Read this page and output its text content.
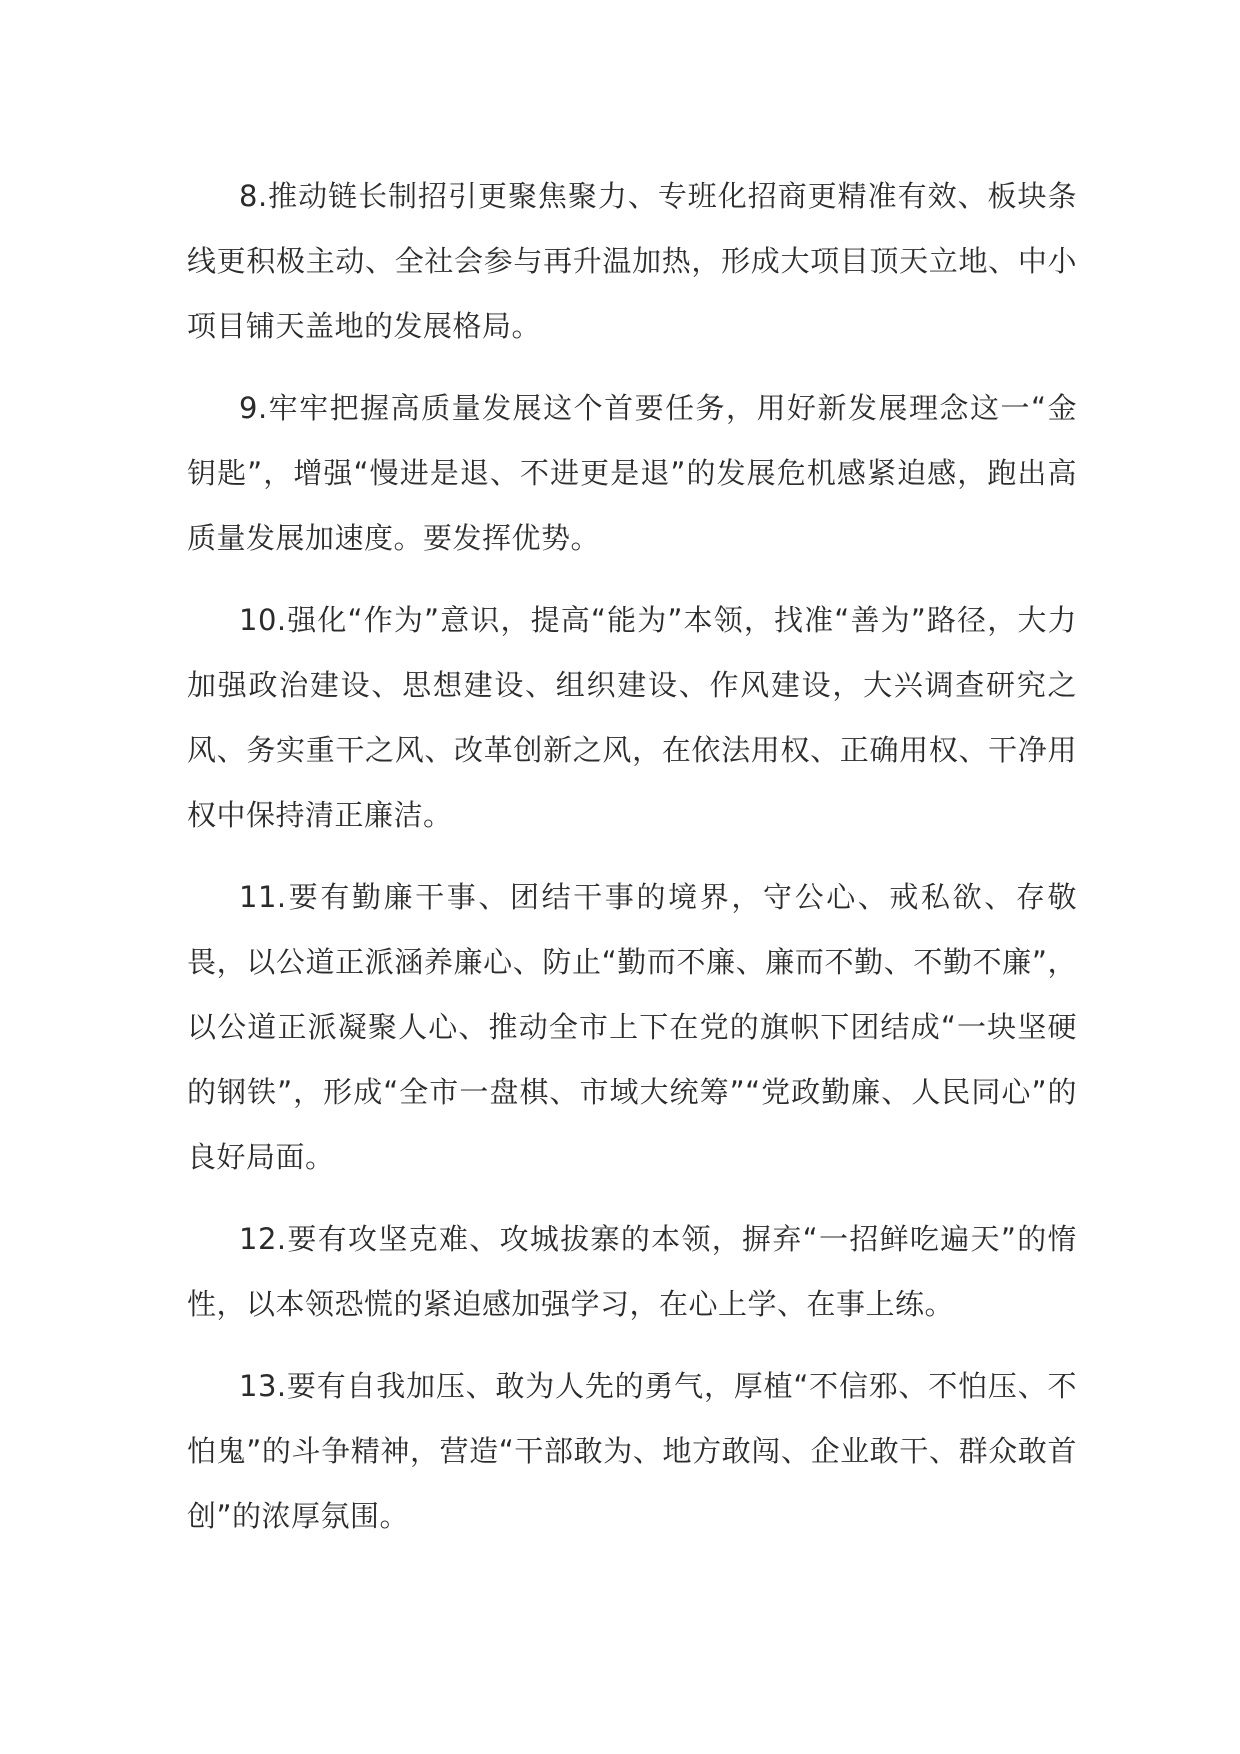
8.推动链长制招引更聚焦聚力、专班化招商更精准有效、板块条线更积极主动、全社会参与再升温加热，形成大项目顶天立地、中小项目铺天盖地的发展格局。

9.牢牢把握高质量发展这个首要任务，用好新发展理念这一“金钥匙”，增强“慢进是退、不进更是退”的发展危机感紧迫感，跑出高质量发展加速度。要发挥优势。

10.强化“作为”意识，提高“能为”本领，找准“善为”路径，大力加强政治建设、思想建设、组织建设、作风建设，大兴调查研究之风、务实重干之风、改革创新之风，在依法用权、正确用权、干净用权中保持清正廉洁。

11.要有勤廉干事、团结干事的境界，守公心、戒私欲、存敬畏，以公道正派涵养廉心、防止“勤而不廉、廉而不勤、不勤不廉”，以公道正派凝聚人心、推动全市上下在党的旗帜下团结成“一块坚硬的钢铁”，形成“全市一盘棋、市域大统筹”“党政勤廉、人民同心”的良好局面。

12.要有攻坚克难、攻城拔寨的本领，摒弃“一招鲜吃遍天”的惰性，以本领恐慌的紧迫感加强学习，在心上学、在事上练。

13.要有自我加压、敢为人先的勇气，厚植“不信邪、不怕压、不怕鬼”的斗争精神，营造“干部敢为、地方敢闯、企业敢干、群众敢首创”的浓厚氛围。
